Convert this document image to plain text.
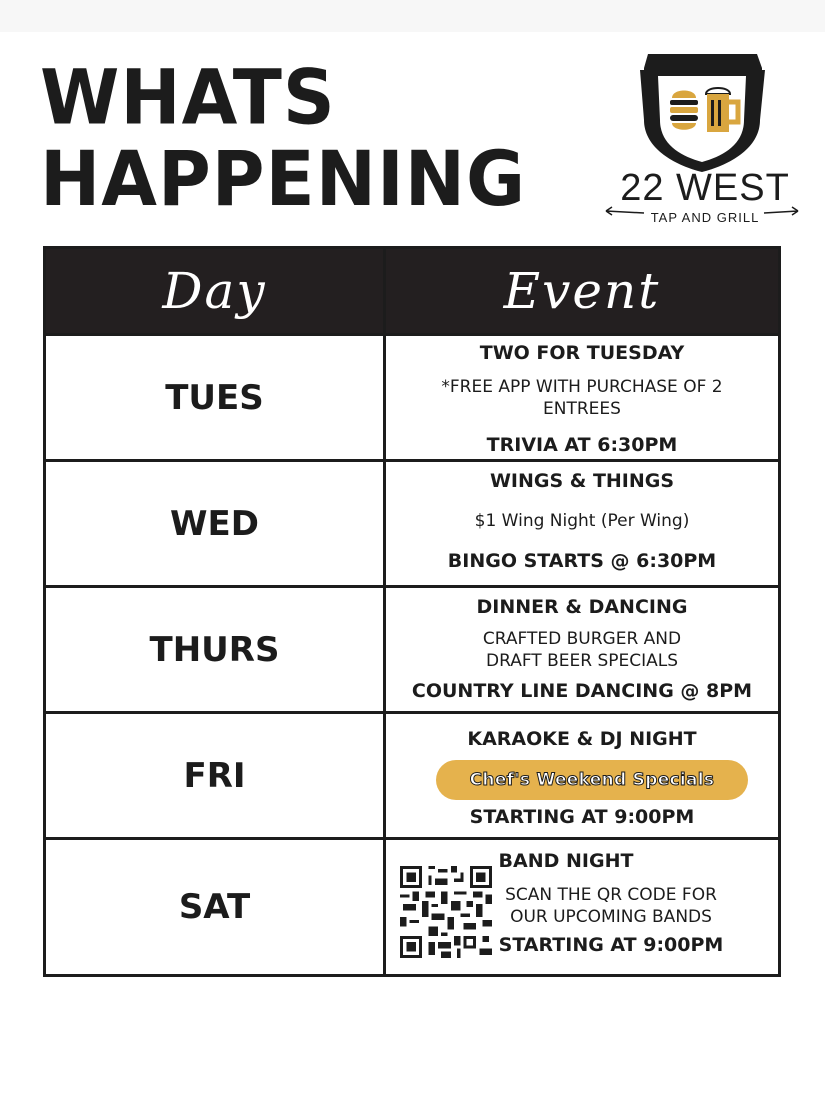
WHATS
HAPPENING 22 WEST
TAP AND GRILL
Day	Event
TUES
TWO FOR TUESDAY
*FREE APP WITH PURCHASE OF 2
ENTREES
TRIVIA AT 6:30PM
WED
WINGS & THINGS
$1 Wing Night (Per Wing)
BINGO STARTS @ 6:30PM
THURS
DINNER & DANCING
CRAFTED BURGER AND
DRAFT BEER SPECIALS
COUNTRY LINE DANCING @ 8PM
FRI
KARAOKE & DJ NIGHT
Chef's Weekend Specials
STARTING AT 9:00PM
SAT
BAND NIGHT
SCAN THE QR CODE FOR
OUR UPCOMING BANDS
STARTING AT 9:00PM
